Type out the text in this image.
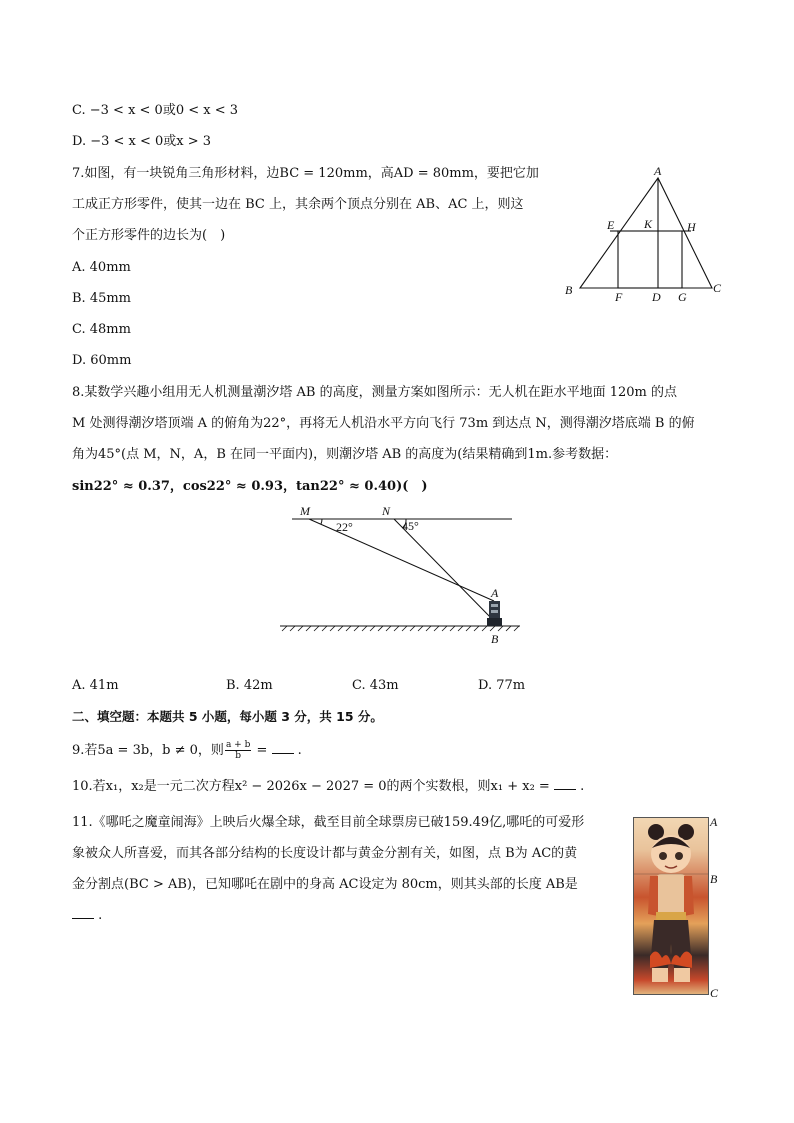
C. −3 < x < 0或0 < x < 3
D. −3 < x < 0或x > 3
7.如图，有一块锐角三角形材料，边BC = 120mm，高AD = 80mm，要把它加
工成正方形零件，使其一边在 BC 上，其余两个顶点分别在 AB、AC 上，则这
个正方形零件的边长为(　)
A. 40mm
B. 45mm
C. 48mm
D. 60mm
A
B	C
D
E
F	G
H
K
8.某数学兴趣小组用无人机测量潮汐塔 AB 的高度，测量方案如图所示：无人机在距水平地面 120m 的点
M 处测得潮汐塔顶端 A 的俯角为22°，再将无人机沿水平方向飞行 73m 到达点 N，测得潮汐塔底端 B 的俯
角为45°(点 M，N，A，B 在同一平面内)，则潮汐塔 AB 的高度为(结果精确到1m.参考数据：
sin22° ≈ 0.37，cos22° ≈ 0.93，tan22° ≈ 0.40)(　)
M	N
22°	45°
A
B
A. 41m	B. 42m	C. 43m	D. 77m
二、填空题：本题共 5 小题，每小题 3 分，共 15 分。
9.若5a = 3b，b ≠ 0，则 $\frac{a + b}{b}$ =  .
10.若x₁，x₂是一元二次方程x² − 2026x − 2027 = 0的两个实数根，则x₁ + x₂ =  .
11.《哪吒之魔童闹海》上映后火爆全球，截至目前全球票房已破159.49亿,哪吒的可爱形
象被众人所喜爱，而其各部分结构的长度设计都与黄金分割有关，如图，点 B为 AC的黄
金分割点(BC > AB)，已知哪吒在剧中的身高 AC设定为 80cm，则其头部的长度 AB是
.
A
B
C
